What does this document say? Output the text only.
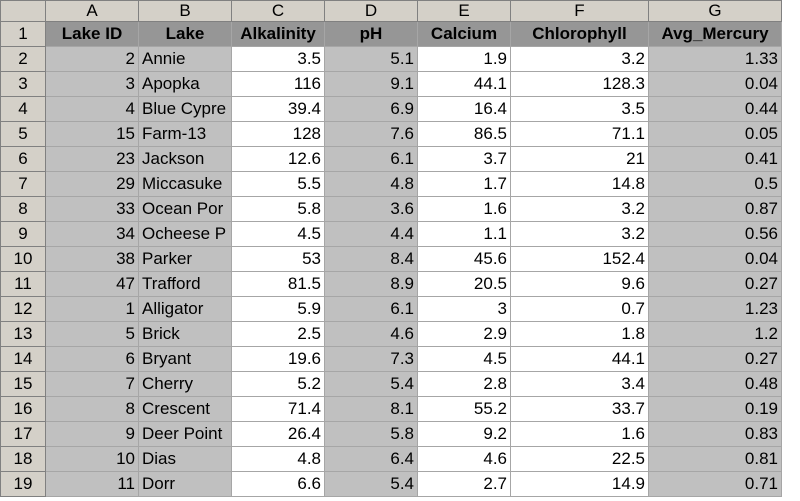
	A	B	C	D	E	F	G
1	Lake ID	Lake	Alkalinity	pH	Calcium	Chlorophyll	Avg_Mercury
2	2	Annie	3.5	5.1	1.9	3.2	1.33
3	3	Apopka	116	9.1	44.1	128.3	0.04
4	4	Blue Cypre	39.4	6.9	16.4	3.5	0.44
5	15	Farm-13	128	7.6	86.5	71.1	0.05
6	23	Jackson	12.6	6.1	3.7	21	0.41
7	29	Miccasuke	5.5	4.8	1.7	14.8	0.5
8	33	Ocean Por	5.8	3.6	1.6	3.2	0.87
9	34	Ocheese P	4.5	4.4	1.1	3.2	0.56
10	38	Parker	53	8.4	45.6	152.4	0.04
11	47	Trafford	81.5	8.9	20.5	9.6	0.27
12	1	Alligator	5.9	6.1	3	0.7	1.23
13	5	Brick	2.5	4.6	2.9	1.8	1.2
14	6	Bryant	19.6	7.3	4.5	44.1	0.27
15	7	Cherry	5.2	5.4	2.8	3.4	0.48
16	8	Crescent	71.4	8.1	55.2	33.7	0.19
17	9	Deer Point	26.4	5.8	9.2	1.6	0.83
18	10	Dias	4.8	6.4	4.6	22.5	0.81
19	11	Dorr	6.6	5.4	2.7	14.9	0.71
